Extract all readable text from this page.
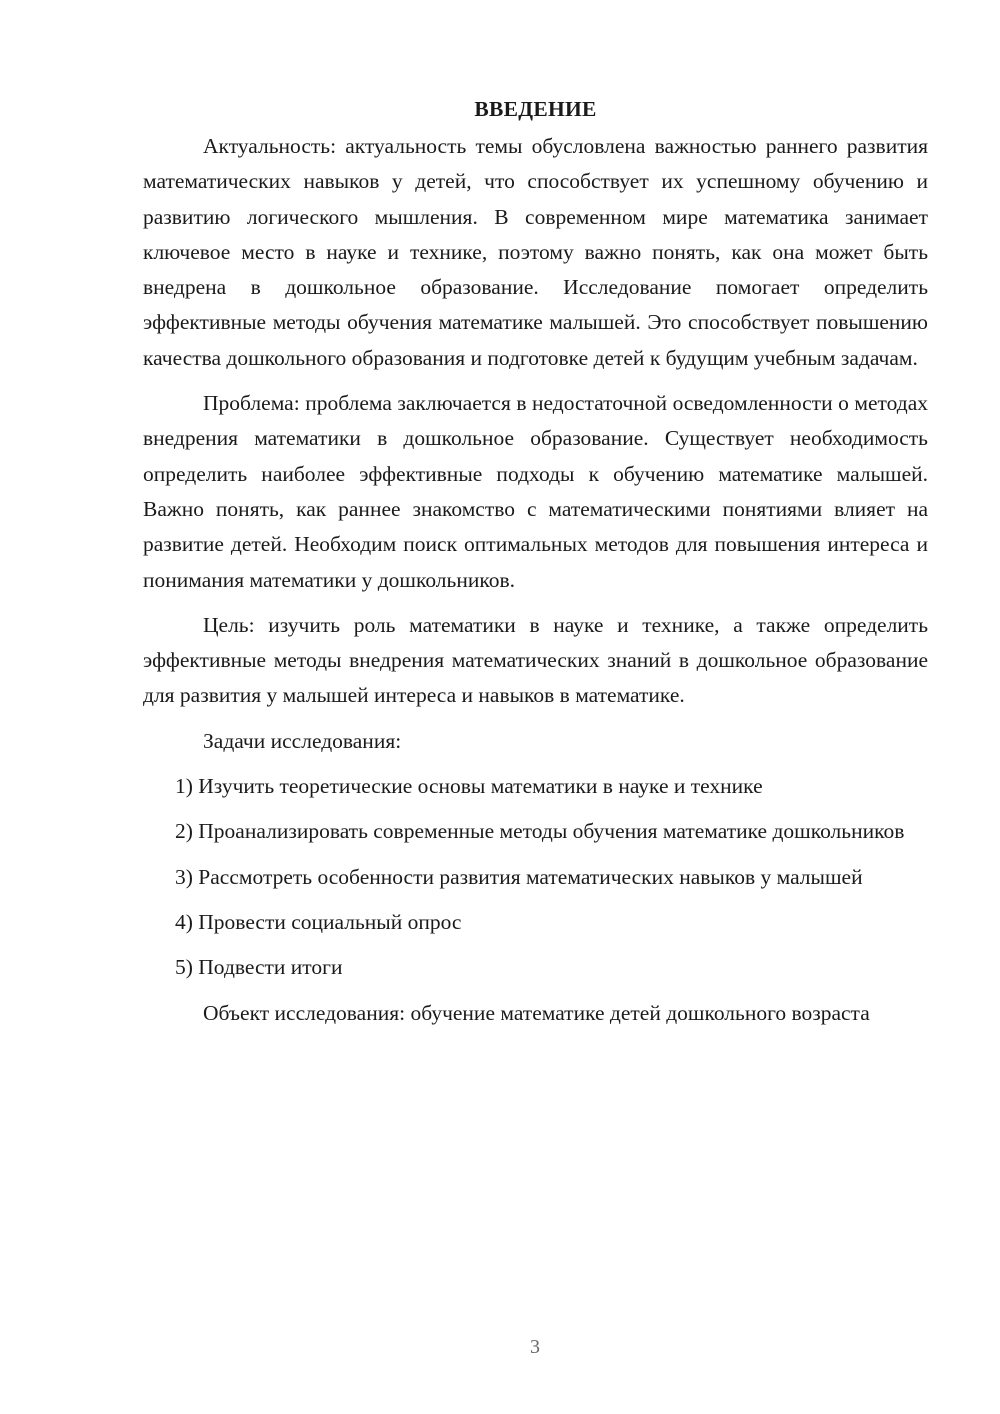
ВВЕДЕНИЕ

Актуальность: актуальность темы обусловлена важностью раннего развития математических навыков у детей, что способствует их успешному обучению и развитию логического мышления. В современном мире математика занимает ключевое место в науке и технике, поэтому важно понять, как она может быть внедрена в дошкольное образование. Исследование помогает определить эффективные методы обучения математике малышей. Это способствует повышению качества дошкольного образования и подготовке детей к будущим учебным задачам.

Проблема: проблема заключается в недостаточной осведомленности о методах внедрения математики в дошкольное образование. Существует необходимость определить наиболее эффективные подходы к обучению математике малышей. Важно понять, как раннее знакомство с математическими понятиями влияет на развитие детей. Необходим поиск оптимальных методов для повышения интереса и понимания математики у дошкольников.

Цель: изучить роль математики в науке и технике, а также определить эффективные методы внедрения математических знаний в дошкольное образование для развития у малышей интереса и навыков в математике.

Задачи исследования:

1) Изучить теоретические основы математики в науке и технике

2) Проанализировать современные методы обучения математике дошкольников

3) Рассмотреть особенности развития математических навыков у малышей

4) Провести социальный опрос

5) Подвести итоги

Объект исследования: обучение математике детей дошкольного возраста

3
